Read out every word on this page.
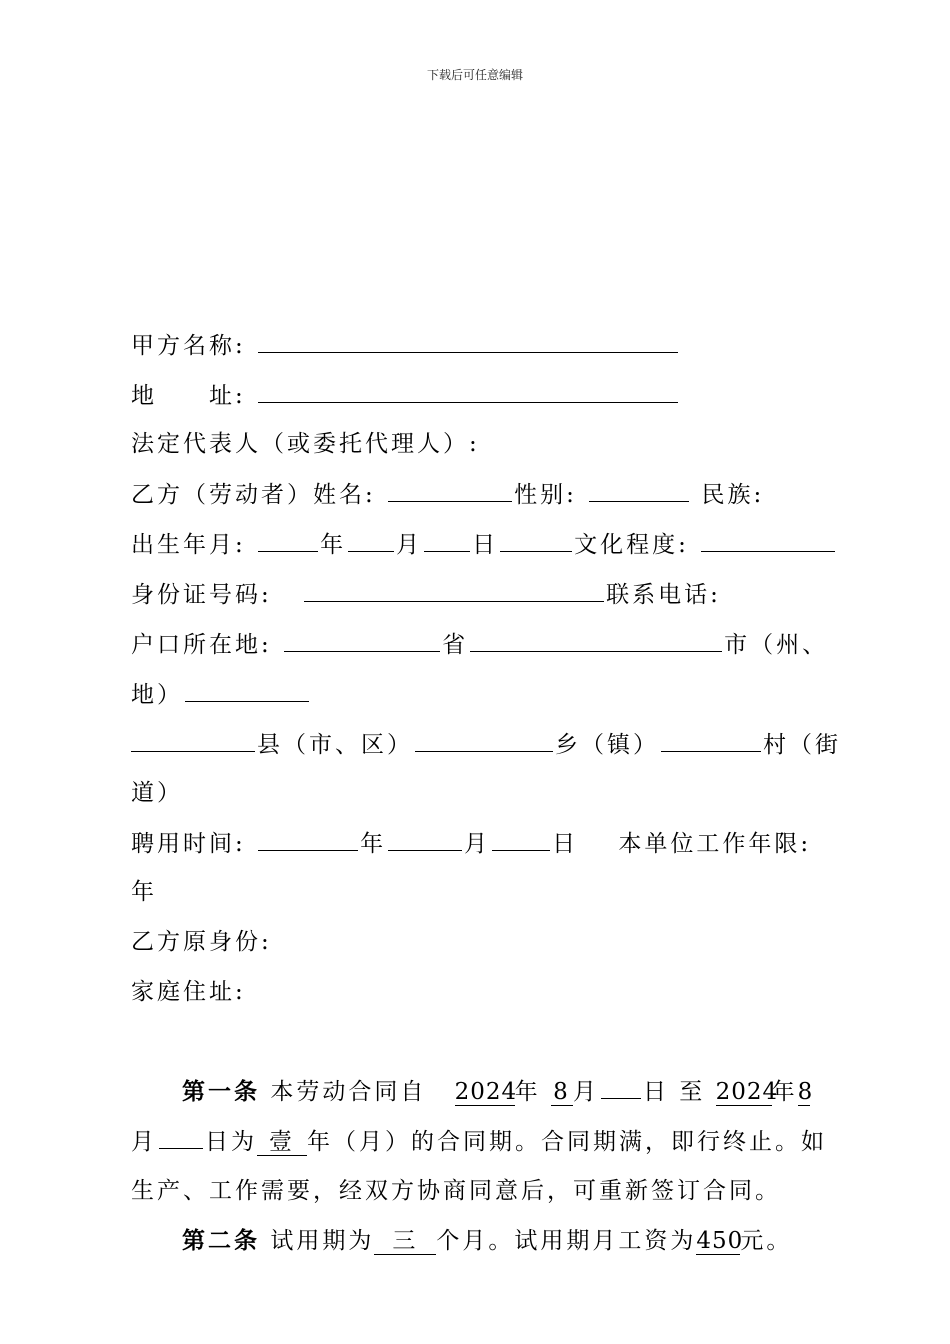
下载后可任意编辑
甲方名称:
地　　址:
法定代表人（或委托代理人）:
乙方（劳动者）姓名:	性别:	民族:
出生年月:	年 月 日	文化程度:
身份证号码:	联系电话:
户口所在地:	省	市（州、
地）
县（市、区）	乡（镇）	村（街
道）
聘用时间:	年	月	日 本单位工作年限:
年
乙方原身份:
家庭住址:
第一条 本劳动合同自 2024年 8月 日 至 2024年8
月 日为 壹 年（月）的合同期。合同期满，即行终止。如
生产、工作需要，经双方协商同意后，可重新签订合同。
第二条 试用期为 三 个月。试用期月工资为450元。
